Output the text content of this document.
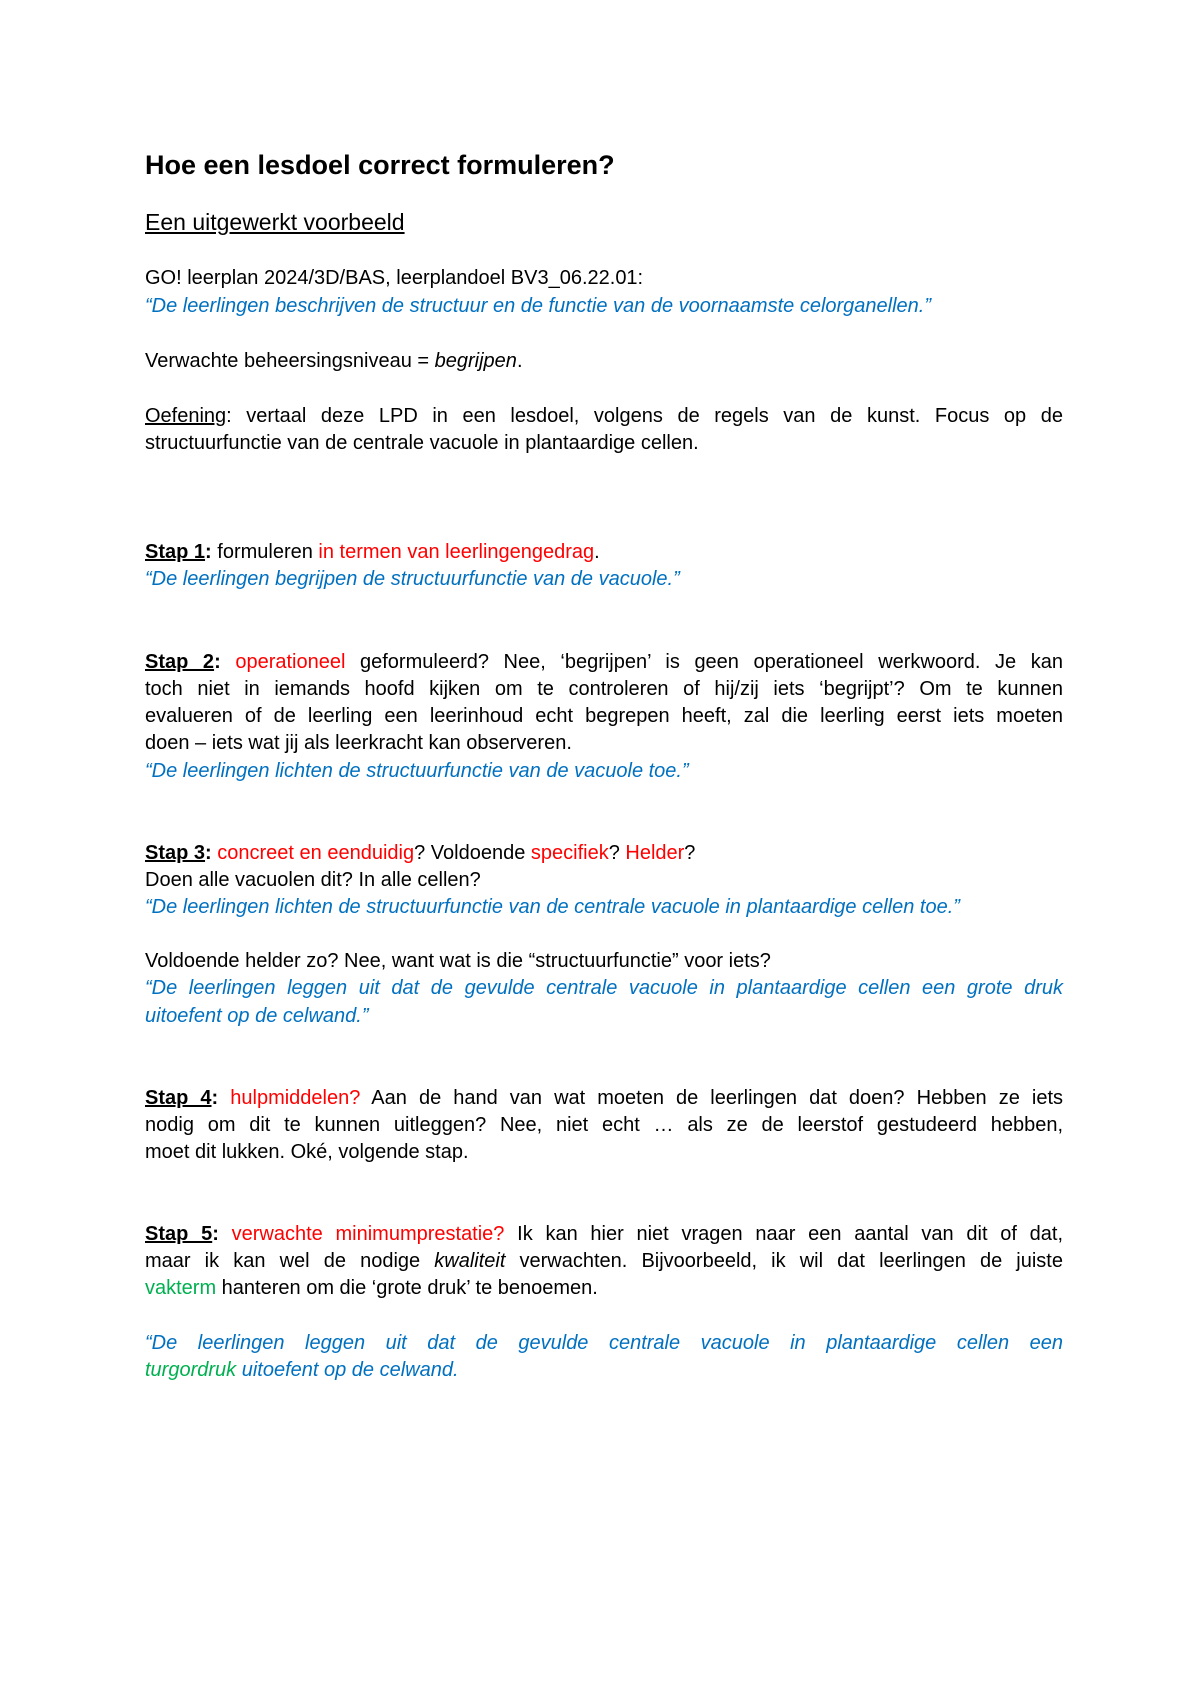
Hoe een lesdoel correct formuleren?
Een uitgewerkt voorbeeld
GO! leerplan 2024/3D/BAS, leerplandoel BV3_06.22.01:
“De leerlingen beschrijven de structuur en de functie van de voornaamste celorganellen.”
Verwachte beheersingsniveau = begrijpen.
Oefening: vertaal deze LPD in een lesdoel, volgens de regels van de kunst. Focus op de
structuurfunctie van de centrale vacuole in plantaardige cellen.
Stap 1: formuleren in termen van leerlingengedrag.
“De leerlingen begrijpen de structuurfunctie van de vacuole.”
Stap 2: operationeel geformuleerd? Nee, ‘begrijpen’ is geen operationeel werkwoord. Je kan
toch niet in iemands hoofd kijken om te controleren of hij/zij iets ‘begrijpt’? Om te kunnen
evalueren of de leerling een leerinhoud echt begrepen heeft, zal die leerling eerst iets moeten
doen – iets wat jij als leerkracht kan observeren.
“De leerlingen lichten de structuurfunctie van de vacuole toe.”
Stap 3: concreet en eenduidig? Voldoende specifiek? Helder?
Doen alle vacuolen dit? In alle cellen?
“De leerlingen lichten de structuurfunctie van de centrale vacuole in plantaardige cellen toe.”
Voldoende helder zo? Nee, want wat is die “structuurfunctie” voor iets?
“De leerlingen leggen uit dat de gevulde centrale vacuole in plantaardige cellen een grote druk
uitoefent op de celwand.”
Stap 4: hulpmiddelen? Aan de hand van wat moeten de leerlingen dat doen? Hebben ze iets
nodig om dit te kunnen uitleggen? Nee, niet echt … als ze de leerstof gestudeerd hebben,
moet dit lukken. Oké, volgende stap.
Stap 5: verwachte minimumprestatie? Ik kan hier niet vragen naar een aantal van dit of dat,
maar ik kan wel de nodige kwaliteit verwachten. Bijvoorbeeld, ik wil dat leerlingen de juiste
vakterm hanteren om die ‘grote druk’ te benoemen.
“De leerlingen leggen uit dat de gevulde centrale vacuole in plantaardige cellen een
turgordruk uitoefent op de celwand.
